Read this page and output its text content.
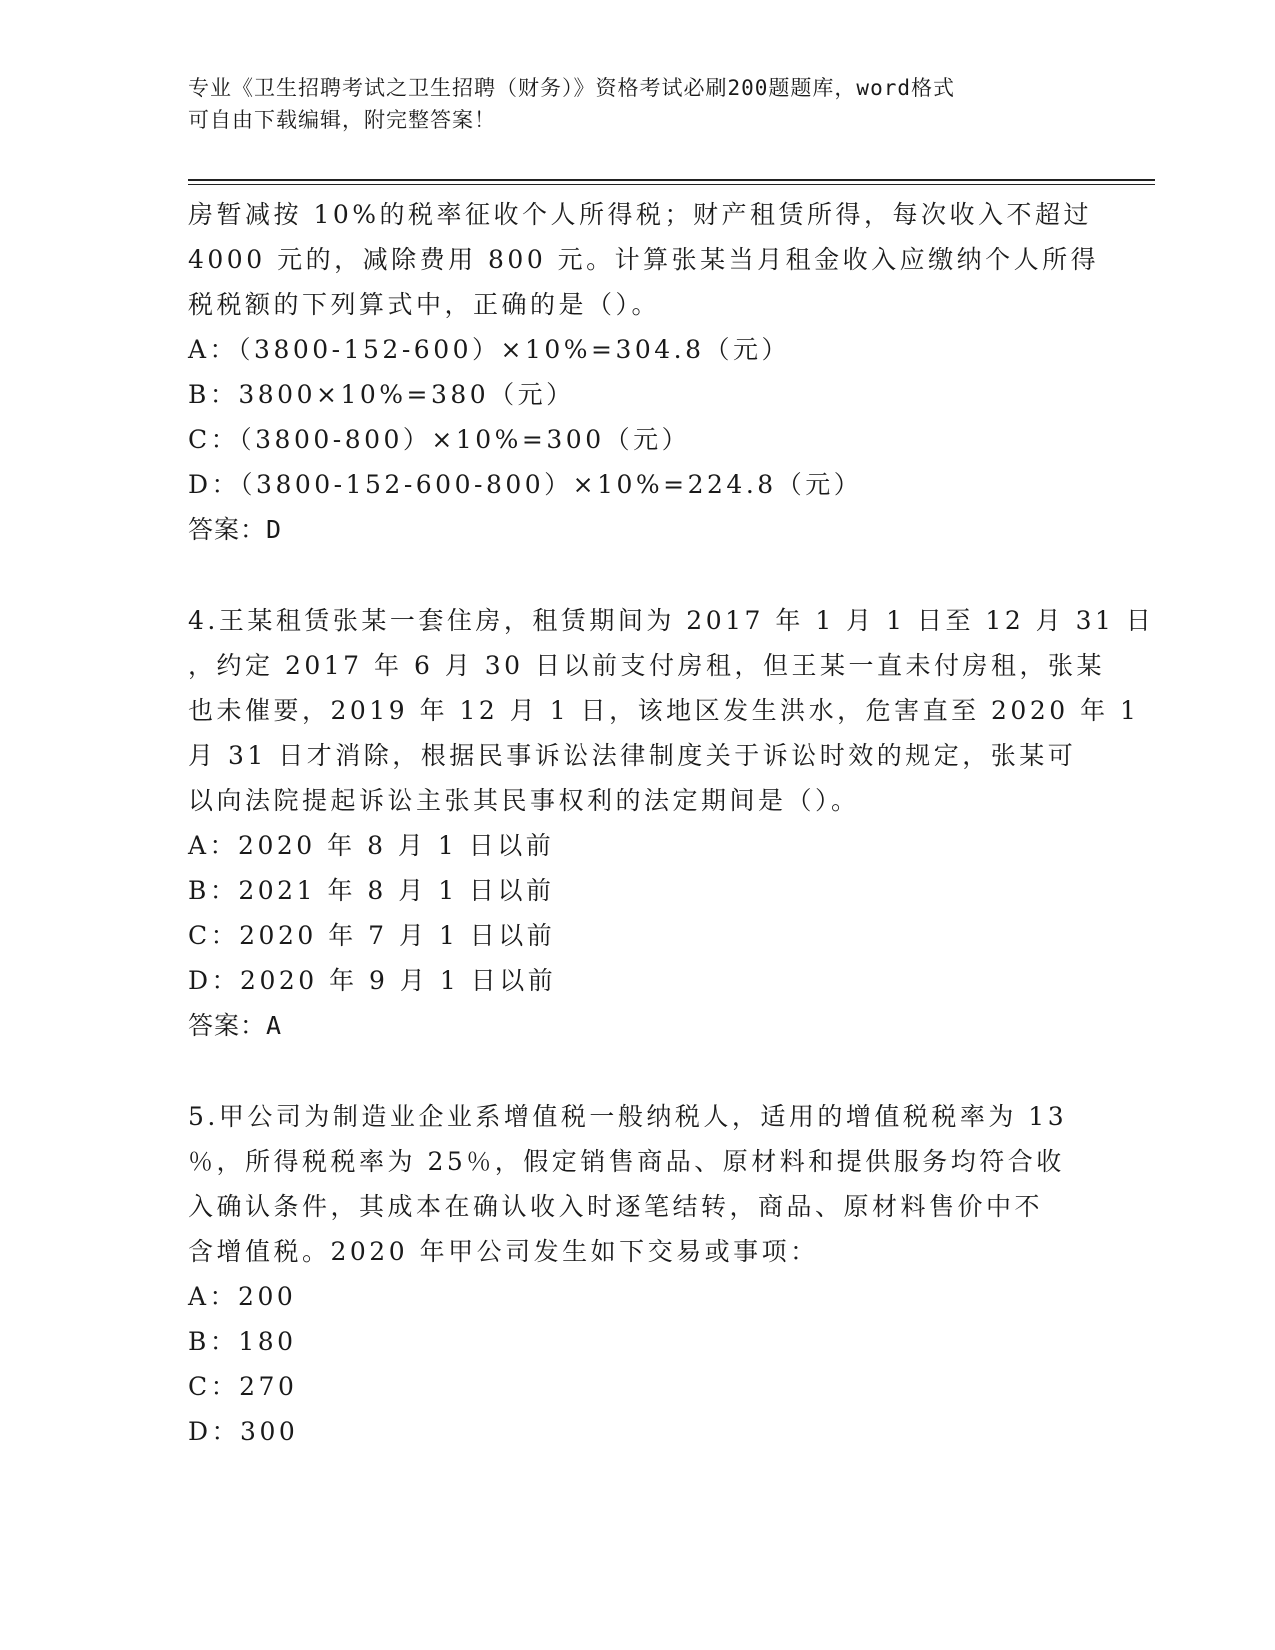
专业《卫生招聘考试之卫生招聘（财务）》资格考试必刷200题题库，word格式
可自由下载编辑，附完整答案！
房暂减按 10%的税率征收个人所得税；财产租赁所得，每次收入不超过
4000 元的，减除费用 800 元。计算张某当月租金收入应缴纳个人所得
税税额的下列算式中，正确的是（）。
A：（3800-152-600）×10%=304.8（元）
B：3800×10%=380（元）
C：（3800-800）×10%=300（元）
D：（3800-152-600-800）×10%=224.8（元）
答案：D
4.王某租赁张某一套住房，租赁期间为 2017 年 1 月 1 日至 12 月 31 日
，约定 2017 年 6 月 30 日以前支付房租，但王某一直未付房租，张某
也未催要，2019 年 12 月 1 日，该地区发生洪水，危害直至 2020 年 1
月 31 日才消除，根据民事诉讼法律制度关于诉讼时效的规定，张某可
以向法院提起诉讼主张其民事权利的法定期间是（）。
A：2020 年 8 月 1 日以前
B：2021 年 8 月 1 日以前
C：2020 年 7 月 1 日以前
D：2020 年 9 月 1 日以前
答案：A
5.甲公司为制造业企业系增值税一般纳税人，适用的增值税税率为 13
％，所得税税率为 25％，假定销售商品、原材料和提供服务均符合收
入确认条件，其成本在确认收入时逐笔结转，商品、原材料售价中不
含增值税。2020 年甲公司发生如下交易或事项：
A：200
B：180
C：270
D：300
